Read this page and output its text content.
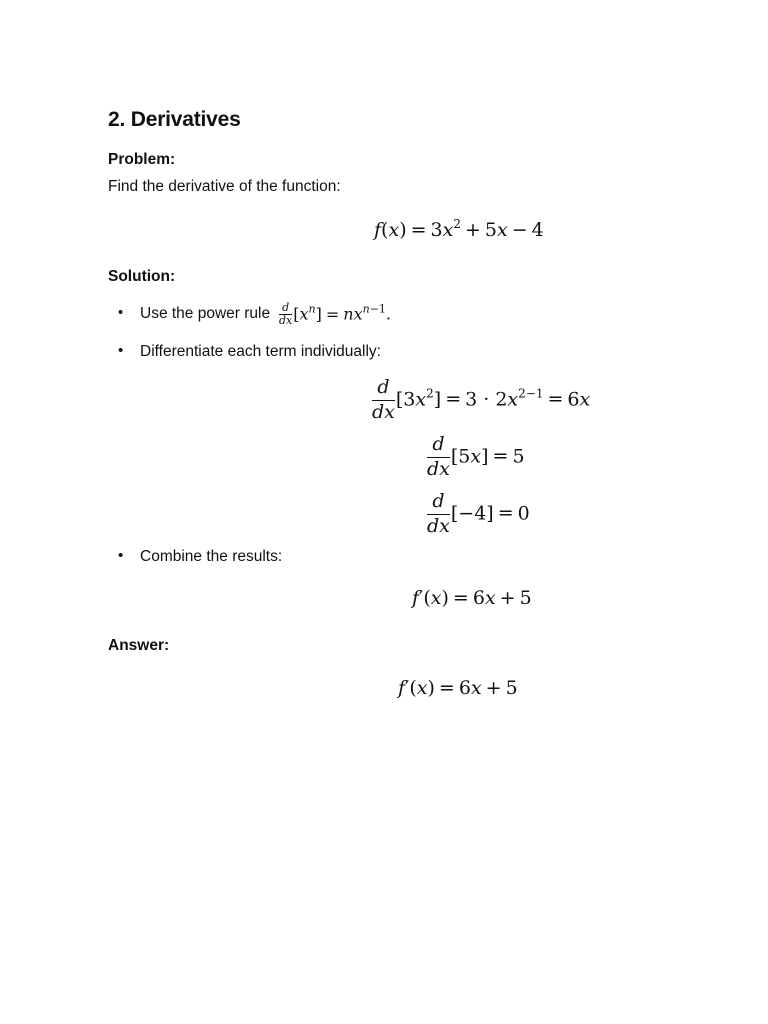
2. Derivatives
Problem:
Find the derivative of the function:
$f(x) = 3x^2 + 5x - 4$
Solution:
• Use the power rule $\frac{d}{dx} [x^n] = nx^{n-1}$.
• Differentiate each term individually:
$\frac{d}{dx} [3x^2] = 3 \cdot 2x^{2-1} = 6x$
$\frac{d}{dx} [5x] = 5$
$\frac{d}{dx} [-4] = 0$
• Combine the results:
f′(x) = 6x + 5
Answer:
f′(x) = 6x + 5
